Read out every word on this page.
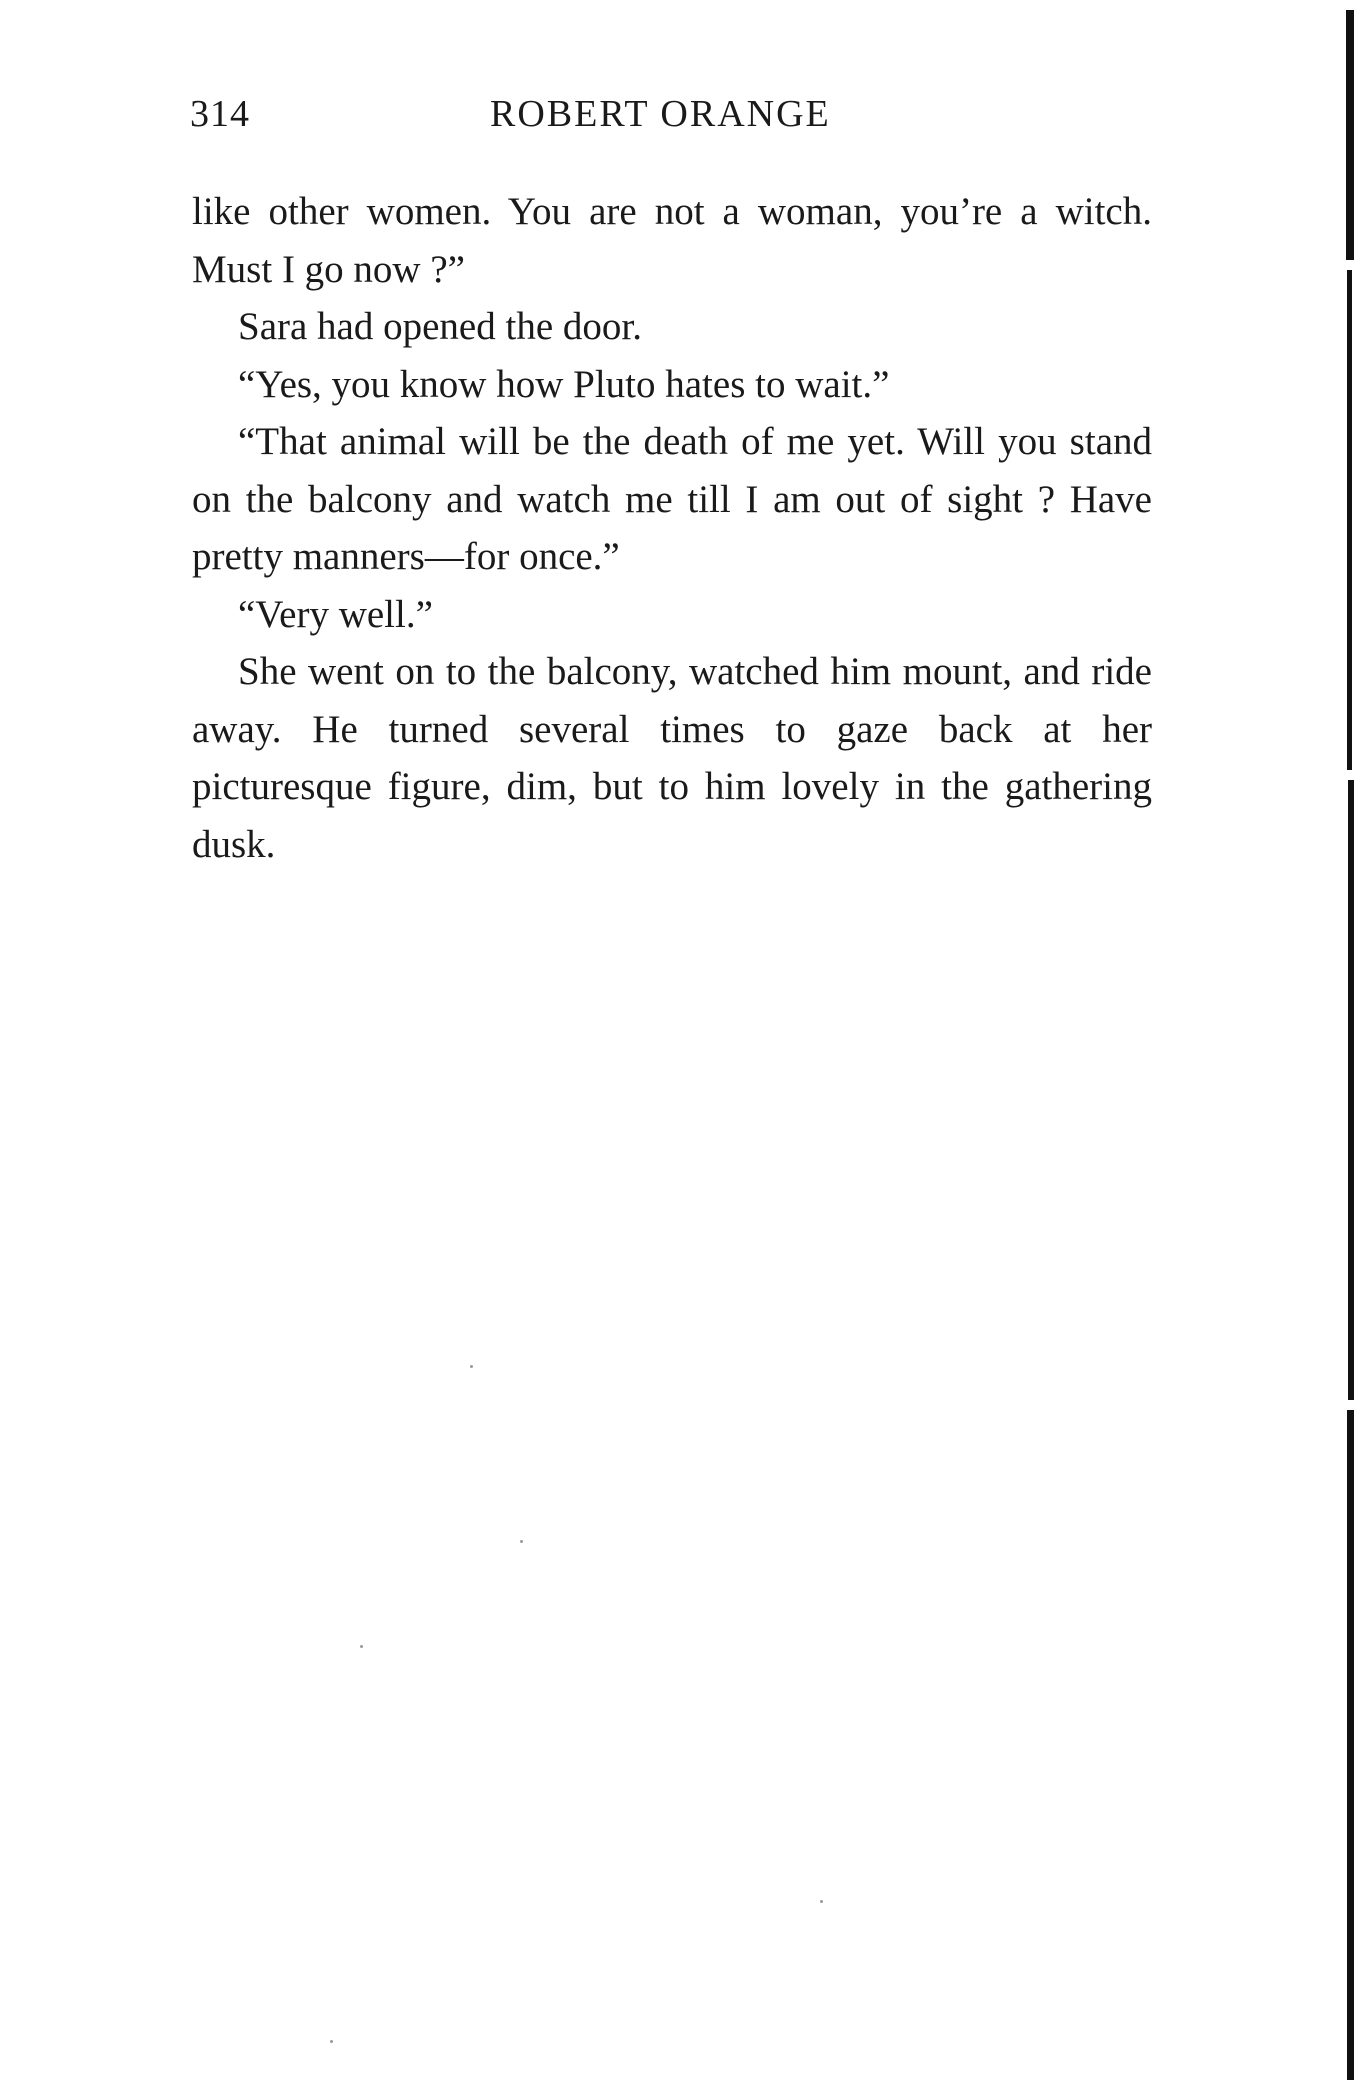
314	ROBERT ORANGE

like other women. You are not a woman, you’re a witch. Must I go now ?”

Sara had opened the door.

“Yes, you know how Pluto hates to wait.”

“That animal will be the death of me yet. Will you stand on the balcony and watch me till I am out of sight ? Have pretty manners—for once.”

“Very well.”

She went on to the balcony, watched him mount, and ride away. He turned several times to gaze back at her picturesque figure, dim, but to him lovely in the gathering dusk.
